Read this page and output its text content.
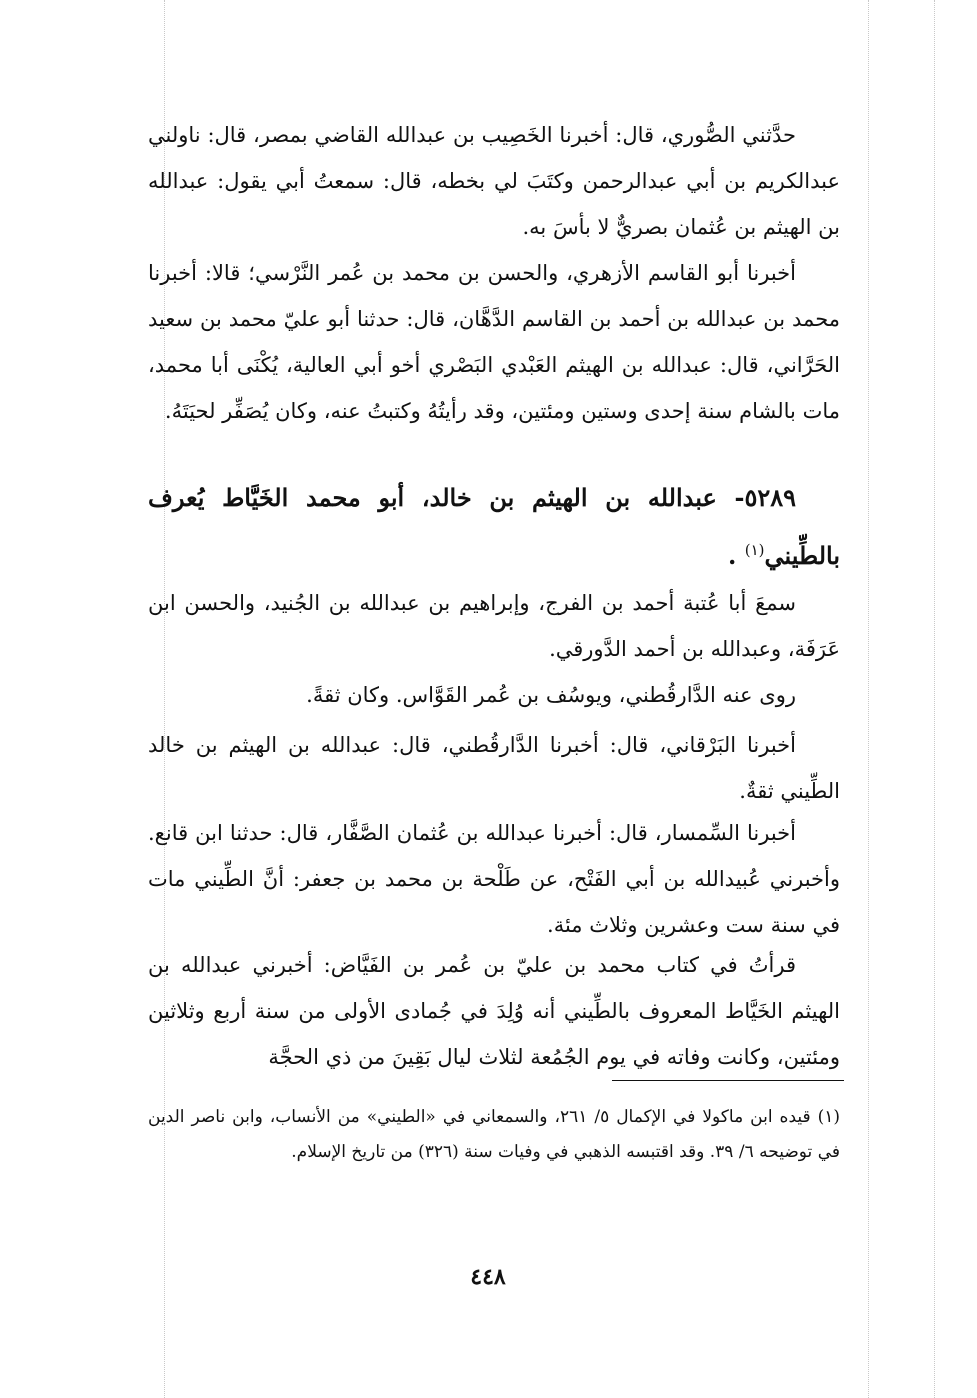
حدَّثني الصُّوري، قال: أخبرنا الخَصِيب بن عبدالله القاضي بمصر، قال: ناولني عبدالكريم بن أبي عبدالرحمن وكتَبَ لي بخطه، قال: سمعتُ أبي يقول: عبدالله بن الهيثم بن عُثمان بصريٌّ لا بأسَ به.

أخبرنا أبو القاسم الأزهري، والحسن بن محمد بن عُمر النَّرْسي؛ قالا: أخبرنا محمد بن عبدالله بن أحمد بن القاسم الدَّهَّان، قال: حدثنا أبو عليّ محمد بن سعيد الحَرَّاني، قال: عبدالله بن الهيثم العَبْدي البَصْري أخو أبي العالية، يُكْنَى أبا محمد، مات بالشام سنة إحدى وستين ومئتين، وقد رأيتُهُ وكتبتُ عنه، وكان يُصَفِّر لحيَتَهُ.

٥٢٨٩- عبدالله بن الهيثم بن خالد، أبو محمد الخَيَّاط يُعرف بالطِّيني$^{(١)}$ .

سمعَ أبا عُتبة أحمد بن الفرج، وإبراهيم بن عبدالله بن الجُنيد، والحسن ابن عَرَفَة، وعبدالله بن أحمد الدَّورقي.

روى عنه الدَّارقُطني، ويوسُف بن عُمر القَوَّاس. وكان ثقةً.

أخبرنا البَرْقاني، قال: أخبرنا الدَّارقُطني، قال: عبدالله بن الهيثم بن خالد الطِّيني ثقةٌ.

أخبرنا السِّمسار، قال: أخبرنا عبدالله بن عُثمان الصَّفَّار، قال: حدثنا ابن قانع. وأخبرني عُبيدالله بن أبي الفَتْح، عن طَلْحة بن محمد بن جعفر: أنَّ الطِّيني مات في سنة ست وعشرين وثلاث مئة.

قرأتُ في كتاب محمد بن عليّ بن عُمر بن الفَيَّاض: أخبرني عبدالله بن الهيثم الخَيَّاط المعروف بالطِّيني أنه وُلِدَ في جُمادى الأولى من سنة أربع وثلاثين ومئتين، وكانت وفاته في يوم الجُمُعة لثلاث ليال بَقِينَ من ذي الحجَّة

(١) قيده ابن ماكولا في الإكمال ٥/ ٢٦١، والسمعاني في «الطيني» من الأنساب، وابن ناصر الدين في توضيحه ٦/ ٣٩. وقد اقتبسه الذهبي في وفيات سنة (٣٢٦) من تاريخ الإسلام.

٤٤٨
